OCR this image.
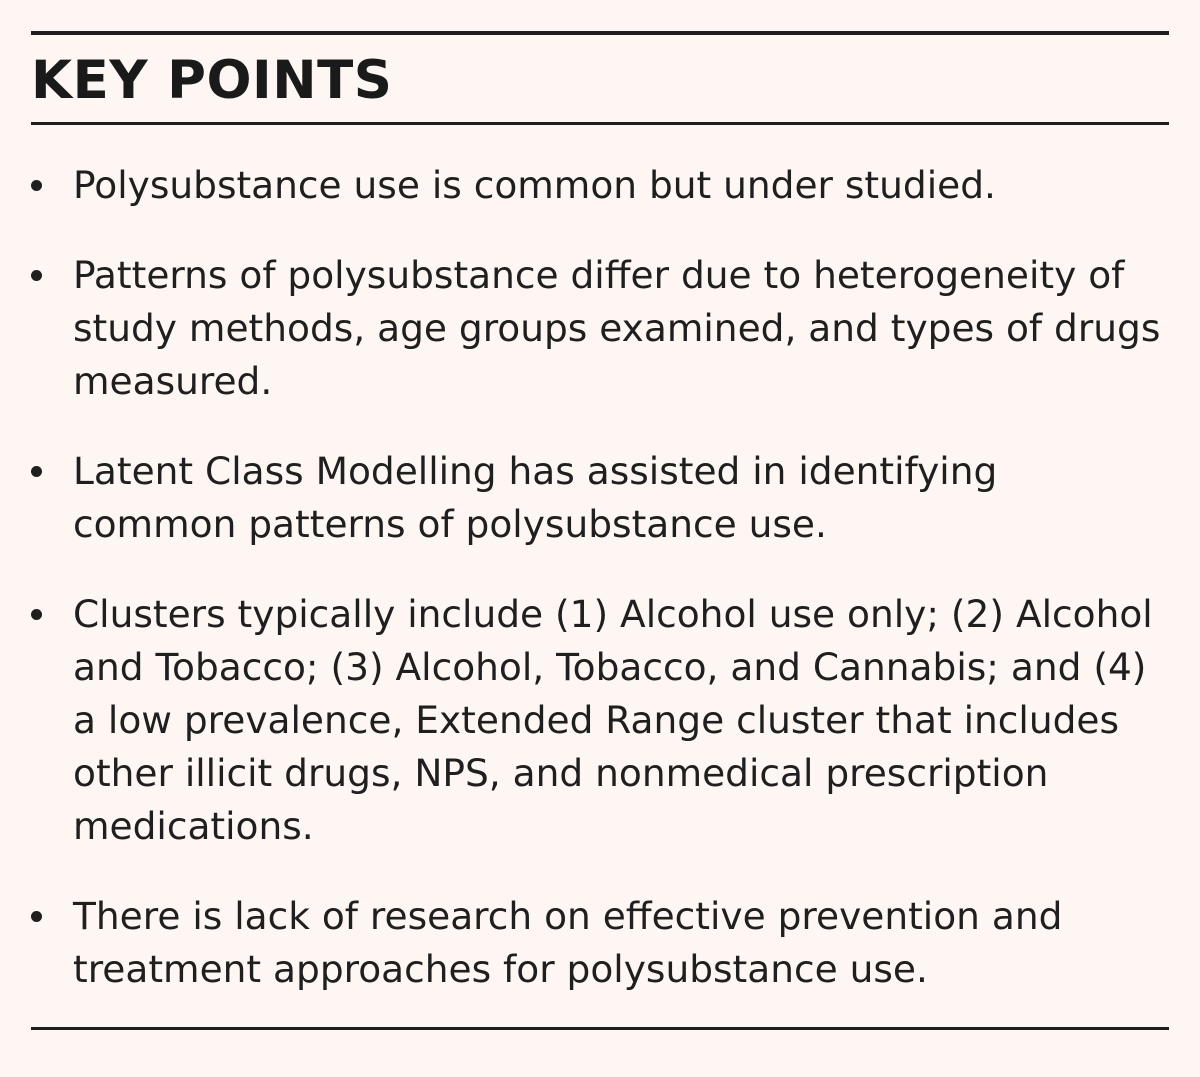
KEY POINTS
Polysubstance use is common but under studied.
Patterns of polysubstance differ due to heterogeneity of study methods, age groups examined, and types of drugs measured.
Latent Class Modelling has assisted in identifying common patterns of polysubstance use.
Clusters typically include (1) Alcohol use only; (2) Alcohol and Tobacco; (3) Alcohol, Tobacco, and Cannabis; and (4) a low prevalence, Extended Range cluster that includes other illicit drugs, NPS, and nonmedical prescription medications.
There is lack of research on effective prevention and treatment approaches for polysubstance use.
